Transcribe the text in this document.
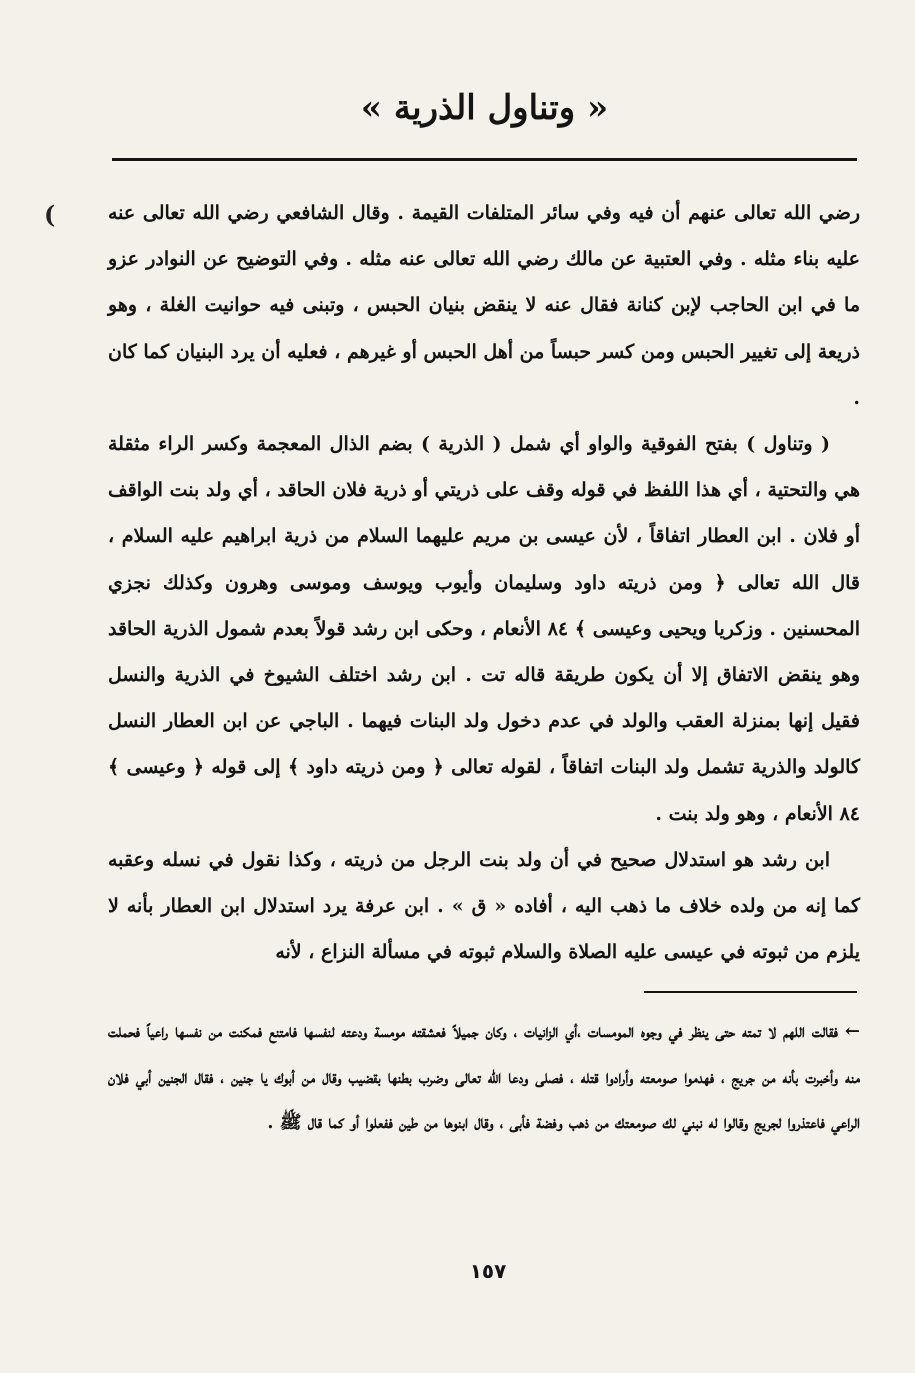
(
« وتناول الذرية »

رضي الله تعالى عنهم أن فيه وفي سائر المتلفات القيمة . وقال الشافعي رضي الله تعالى عنه عليه بناء مثله . وفي العتبية عن مالك رضي الله تعالى عنه مثله . وفي التوضيح عن النوادر عزو ما في ابن الحاجب لإبن كنانة فقال عنه لا ينقض بنيان الحبس ، وتبنى فيه حوانيت الغلة ، وهو ذريعة إلى تغيير الحبس ومن كسر حبساً من أهل الحبس أو غيرهم ، فعليه أن يرد البنيان كما كان .

( وتناول ) بفتح الفوقية والواو أي شمل ( الذرية ) بضم الذال المعجمة وكسر الراء مثقلة هي والتحتية ، أي هذا اللفظ في قوله وقف على ذريتي أو ذرية فلان الحاقد ، أي ولد بنت الواقف أو فلان . ابن العطار اتفاقاً ، لأن عيسى بن مريم عليهما السلام من ذرية ابراهيم عليه السلام ، قال الله تعالى ﴿ ومن ذريته داود وسليمان وأيوب ويوسف وموسى وهرون وكذلك نجزي المحسنين . وزكريا ويحيى وعيسى ﴾ ٨٤ الأنعام ، وحكى ابن رشد قولاً بعدم شمول الذرية الحاقد وهو ينقض الاتفاق إلا أن يكون طريقة قاله تت . ابن رشد اختلف الشيوخ في الذرية والنسل فقيل إنها بمنزلة العقب والولد في عدم دخول ولد البنات فيهما . الباجي عن ابن العطار النسل كالولد والذرية تشمل ولد البنات اتفاقاً ، لقوله تعالى ﴿ ومن ذريته داود ﴾ إلى قوله ﴿ وعيسى ﴾ ٨٤ الأنعام ، وهو ولد بنت .

ابن رشد هو استدلال صحيح في أن ولد بنت الرجل من ذريته ، وكذا نقول في نسله وعقبه كما إنه من ولده خلاف ما ذهب اليه ، أفاده « ق » . ابن عرفة يرد استدلال ابن العطار بأنه لا يلزم من ثبوته في عيسى عليه الصلاة والسلام ثبوته في مسألة النزاع ، لأنه

← فقالت اللهم لا تمته حتى ينظر في وجوه المومسات ،أي الزانيات ، وكان جميلاً فعشقته مومسة ودعته لنفسها فامتنع فمكنت من نفسها راعياً فحملت منه وأخبرت بأنه من جريج ، فهدموا صومعته وأرادوا قتله ، فصلى ودعا الله تعالى وضرب بطنها بقضيب وقال من أبوك يا جنين ، فقال الجنين أبي فلان الراعي فاعتذروا لجريج وقالوا له نبني لك صومعتك من ذهب وفضة فأبى ، وقال ابنوها من طين ففعلوا أو كما قال ﷺ .

١٥٧
